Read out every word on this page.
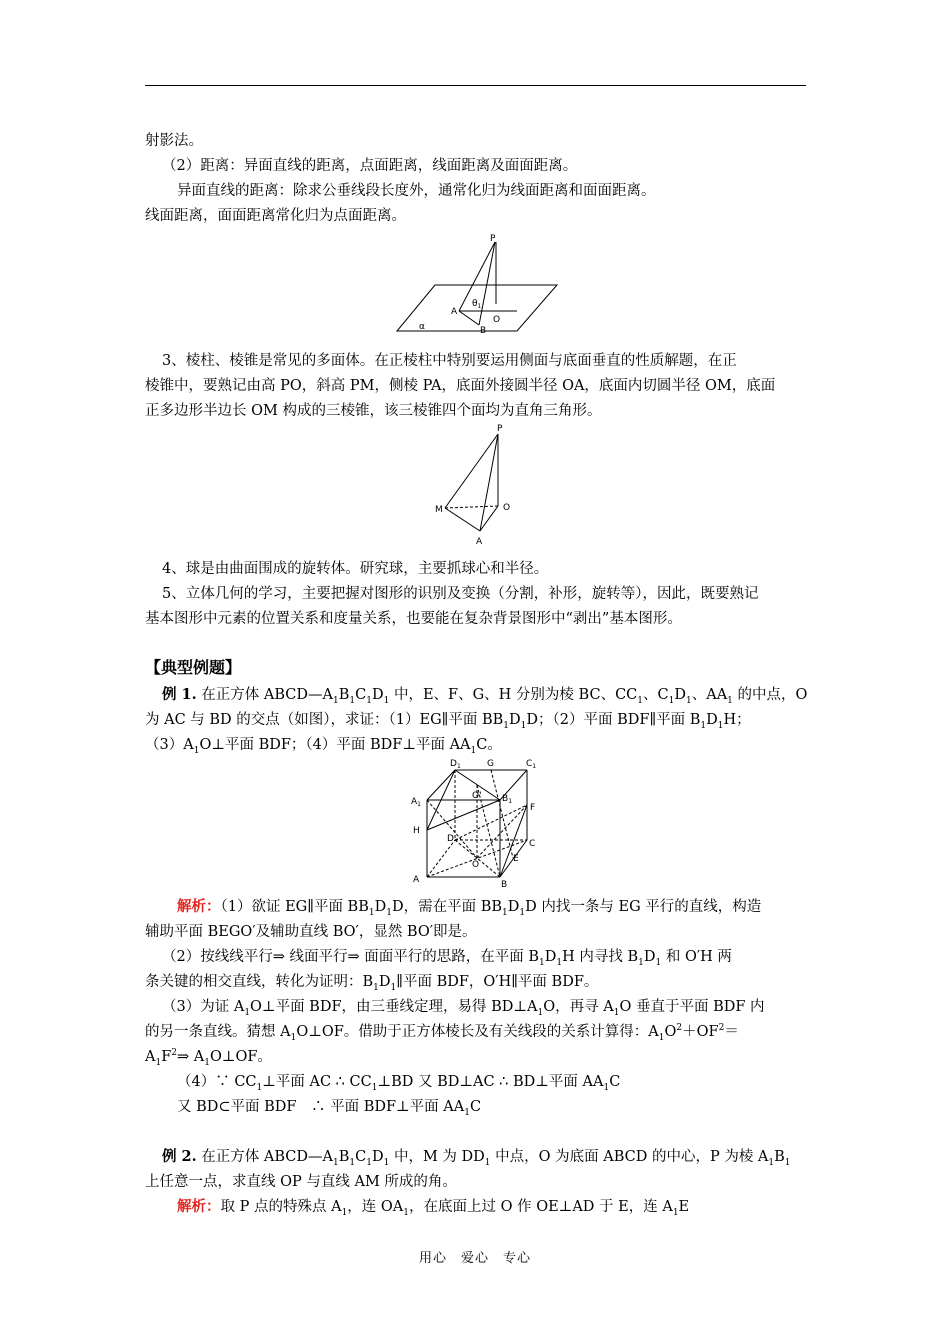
射影法。
（2）距离：异面直线的距离，点面距离，线面距离及面面距离。
异面直线的距离：除求公垂线段长度外，通常化归为线面距离和面面距离。
线面距离，面面距离常化归为点面距离。
P
A
$\theta_1$
O
B
α
3、棱柱、棱锥是常见的多面体。在正棱柱中特别要运用侧面与底面垂直的性质解题，在正
棱锥中，要熟记由高 PO，斜高 PM，侧棱 PA，底面外接圆半径 OA，底面内切圆半径 OM，底面
正多边形半边长 OM 构成的三棱锥，该三棱锥四个面均为直角三角形。
P
M	O
A
4、球是由曲面围成的旋转体。研究球，主要抓球心和半径。
5、立体几何的学习，主要把握对图形的识别及变换（分割，补形，旋转等），因此，既要熟记
基本图形中元素的位置关系和度量关系，也要能在复杂背景图形中“剥出”基本图形。
【典型例题】
例 1. 在正方体 $ABCD—A_1B_1C_1D_1$ 中，E、F、G、H 分别为棱 BC、$CC_1$、$C_1D_1$、$AA_1$ 的中点，O
为 AC 与 BD 的交点（如图），求证：（1）EG∥平面 $BB_1D_1D$；（2）平面 BDF∥平面 $B_1D_1H$；
$(3)A_1O\perp$平面 BDF；（4）平面 BDF⊥平面 $AA_1C$。
$D_1$	G	$C_1$
O'
$A_1$
$B_1$
F
H
D	C
E
O
A	B
解析：（1）欲证 EG∥平面 $BB_1D_1D$，需在平面 $BB_1D_1D$ 内找一条与 EG 平行的直线，构造
辅助平面 BEGO′及辅助直线 BO′，显然 BO′即是。
（2）按线线平行⇒ 线面平行⇒ 面面平行的思路，在平面 $B_1D_1H$ 内寻找 $B_1D_1$ 和 O′H 两
条关键的相交直线，转化为证明：$B_1D_1\parallel$平面 BDF，O′H∥平面 BDF。
（3）为证 $A_1O\perp$平面 BDF，由三垂线定理，易得 $BD\perp A_1O$，再寻 $A_1O$ 垂直于平面 BDF 内
的另一条直线。猜想 $A_1O\perp OF$。借助于正方体棱长及有关线段的关系计算得：$A_1O^2+OF^2=$
$A_1F^2\Rightarrow$ $A_1O\perp OF$。
（4）∵ $CC_1\perp$平面 AC ∴ $CC_1\perp BD$ 又 BD⊥AC ∴ BD⊥平面 $AA_1C$
又 BD⊂平面 BDF　∴ 平面 BDF⊥平面 $AA_1C$
例 2. 在正方体 $ABCD—A_1B_1C_1D_1$ 中，M 为 $DD_1$ 中点，O 为底面 ABCD 的中心，P 为棱 $A_1B_1$
上任意一点，求直线 OP 与直线 AM 所成的角。
解析：取 P 点的特殊点 $A_1$，连 $OA_1$，在底面上过 O 作 OE⊥AD 于 E，连 $A_1E$
用心　爱心　专心
